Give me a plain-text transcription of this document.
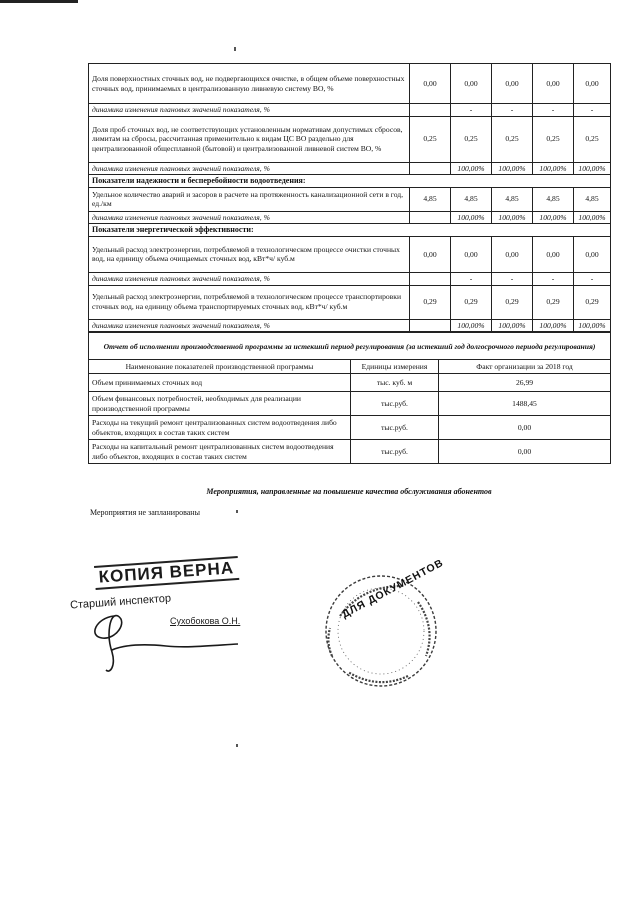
Доля поверхностных сточных вод, не подвергающихся очистке, в общем объеме поверхностных сточных вод, принимаемых в централизованную ливневую систему ВО, %	0,00	0,00	0,00	0,00	0,00
динамика изменения плановых значений показателя, %		-	-	-	-
Доля проб сточных вод, не соответствующих установленным нормативам допустимых сбросов, лимитам на сбросы, рассчитанная применительно к видам ЦС ВО раздельно для централизованной общесплавной (бытовой) и централизованной ливневой систем ВО, %	0,25	0,25	0,25	0,25	0,25
динамика изменения плановых значений показателя, %		100,00%	100,00%	100,00%	100,00%
Показатели надежности и бесперебойности водоотведения:					
Удельное количество аварий и засоров в расчете на протяженность канализационной сети в год, ед./км	4,85	4,85	4,85	4,85	4,85
динамика изменения плановых значений показателя, %		100,00%	100,00%	100,00%	100,00%
Показатели энергетической эффективности:					
Удельный расход электроэнергии, потребляемой в технологическом процессе очистки сточных вод, на единицу объема очищаемых сточных вод, кВт*ч/ куб.м	0,00	0,00	0,00	0,00	0,00
динамика изменения плановых значений показателя, %		-	-	-	-
Удельный расход электроэнергии, потребляемой в технологическом процессе транспортировки сточных вод, на единицу объема транспортируемых сточных вод, кВт*ч/ куб.м	0,29	0,29	0,29	0,29	0,29
динамика изменения плановых значений показателя, %		100,00%	100,00%	100,00%	100,00%
Отчет об исполнении производственной программы за истекший период регулирования (за истекший год долгосрочного периода регулирования)		
Наименование показателей производственной программы	Единицы измерения	Факт организации за 2018 год
Объем принимаемых сточных вод	тыс. куб. м	26,99
Объем финансовых потребностей, необходимых для реализации производственной программы	тыс.руб.	1488,45
Расходы на текущий ремонт централизованных систем водоотведения либо объектов, входящих в состав таких систем	тыс.руб.	0,00
Расходы на капитальный ремонт централизованных систем водоотведения либо объектов, входящих в состав таких систем	тыс.руб.	0,00
Мероприятия, направленные на повышение качества обслуживания абонентов
Мероприятия не запланированы
КОПИЯ ВЕРНА
Старший инспектор
Сухобокова О.Н.
ДЛЯ ДОКУМЕНТОВ
